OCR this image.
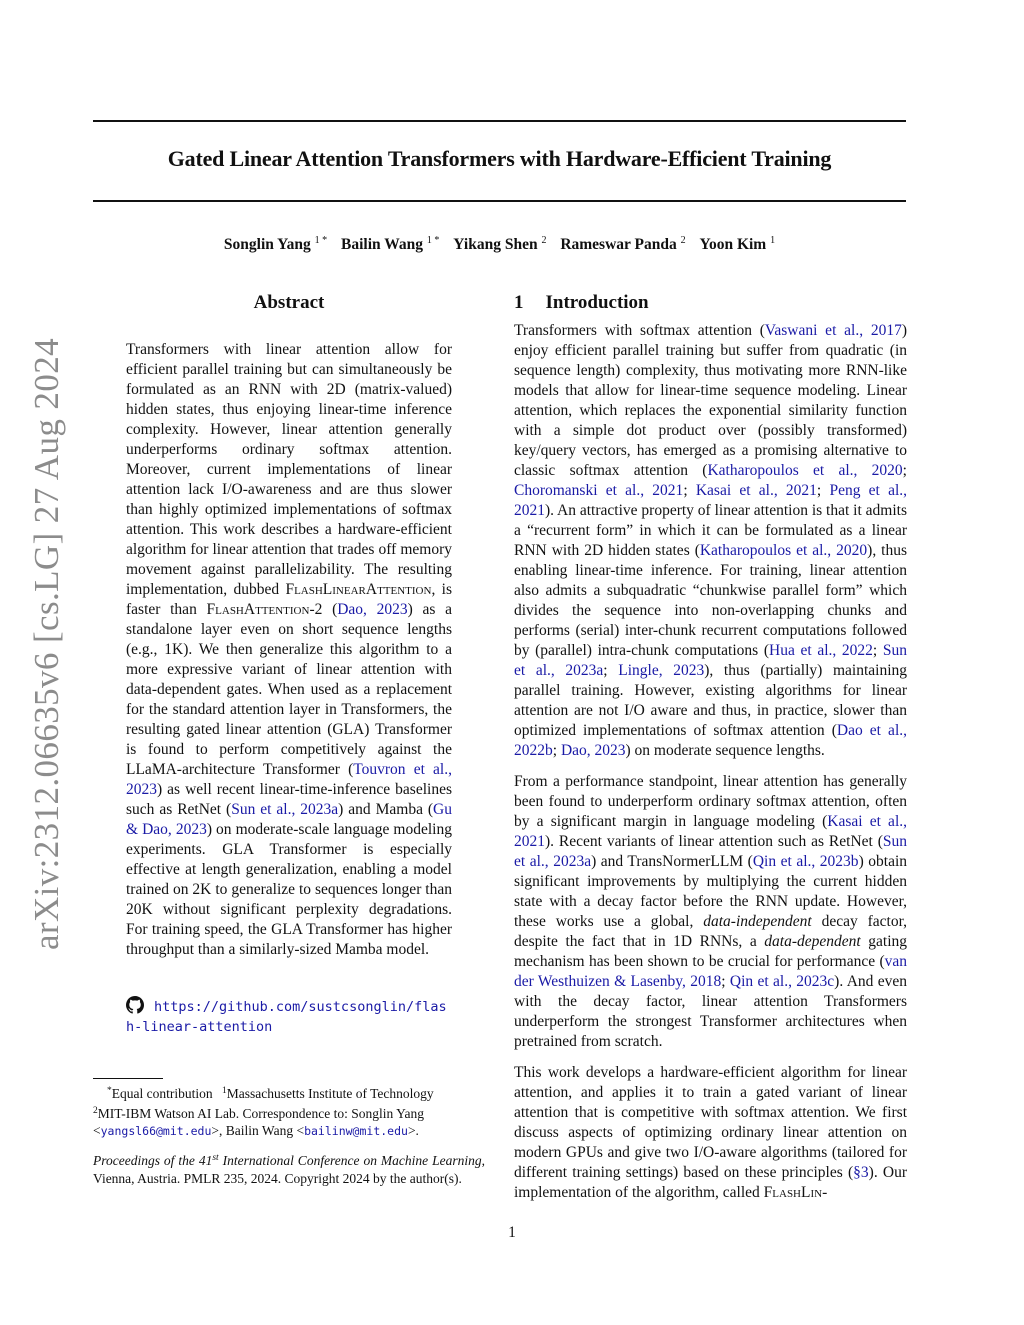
Gated Linear Attention Transformers with Hardware-Efficient Training
Songlin Yang $^{1 *}$ Bailin Wang $^{1 *}$ Yikang Shen $^2$ Rameswar Panda $^2$ Yoon Kim $^1$
arXiv:2312.06635v6 [cs.LG] 27 Aug 2024
Abstract

Transformers with linear attention allow for efficient parallel training but can simultaneously be formulated as an RNN with 2D (matrix-valued) hidden states, thus enjoying linear-time inference complexity. However, linear attention generally underperforms ordinary softmax attention. Moreover, current implementations of linear attention lack I/O-awareness and are thus slower than highly optimized implementations of softmax attention. This work describes a hardware-efficient algorithm for linear attention that trades off memory movement against parallelizability. The resulting implementation, dubbed FlashLinearAttention, is faster than FlashAttention-2 (Dao, 2023) as a standalone layer even on short sequence lengths (e.g., 1K). We then generalize this algorithm to a more expressive variant of linear attention with data-dependent gates. When used as a replacement for the standard attention layer in Transformers, the resulting gated linear attention (GLA) Transformer is found to perform competitively against the LLaMA-architecture Transformer (Touvron et al., 2023) as well recent linear-time-inference baselines such as RetNet (Sun et al., 2023a) and Mamba (Gu & Dao, 2023) on moderate-scale language modeling experiments. GLA Transformer is especially effective at length generalization, enabling a model trained on 2K to generalize to sequences longer than 20K without significant perplexity degradations. For training speed, the GLA Transformer has higher throughput than a similarly-sized Mamba model.

https://github.com/sustcsonglin/flash-linear-attention
*Equal contribution $^1$Massachusetts Institute of Technology
$^2$MIT-IBM Watson AI Lab. Correspondence to: Songlin Yang
<yangsl66@mit.edu>, Bailin Wang <bailinw@mit.edu>.
Proceedings of the 41st International Conference on Machine Learning, Vienna, Austria. PMLR 235, 2024. Copyright 2024 by the author(s).
1 Introduction

Transformers with softmax attention (Vaswani et al., 2017) enjoy efficient parallel training but suffer from quadratic (in sequence length) complexity, thus motivating more RNN-like models that allow for linear-time sequence modeling. Linear attention, which replaces the exponential similarity function with a simple dot product over (possibly transformed) key/query vectors, has emerged as a promising alternative to classic softmax attention (Katharopoulos et al., 2020; Choromanski et al., 2021; Kasai et al., 2021; Peng et al., 2021). An attractive property of linear attention is that it admits a “recurrent form” in which it can be formulated as a linear RNN with 2D hidden states (Katharopoulos et al., 2020), thus enabling linear-time inference. For training, linear attention also admits a subquadratic “chunkwise parallel form” which divides the sequence into non-overlapping chunks and performs (serial) inter-chunk recurrent computations followed by (parallel) intra-chunk computations (Hua et al., 2022; Sun et al., 2023a; Lingle, 2023), thus (partially) maintaining parallel training. However, existing algorithms for linear attention are not I/O aware and thus, in practice, slower than optimized implementations of softmax attention (Dao et al., 2022b; Dao, 2023) on moderate sequence lengths.

From a performance standpoint, linear attention has generally been found to underperform ordinary softmax attention, often by a significant margin in language modeling (Kasai et al., 2021). Recent variants of linear attention such as RetNet (Sun et al., 2023a) and TransNormerLLM (Qin et al., 2023b) obtain significant improvements by multiplying the current hidden state with a decay factor before the RNN update. However, these works use a global, data-independent decay factor, despite the fact that in 1D RNNs, a data-dependent gating mechanism has been shown to be crucial for performance (van der Westhuizen & Lasenby, 2018; Qin et al., 2023c). And even with the decay factor, linear attention Transformers underperform the strongest Transformer architectures when pretrained from scratch.

This work develops a hardware-efficient algorithm for linear attention, and applies it to train a gated variant of linear attention that is competitive with softmax attention. We first discuss aspects of optimizing ordinary linear attention on modern GPUs and give two I/O-aware algorithms (tailored for different training settings) based on these principles (§3). Our implementation of the algorithm, called FlashLin-

1
